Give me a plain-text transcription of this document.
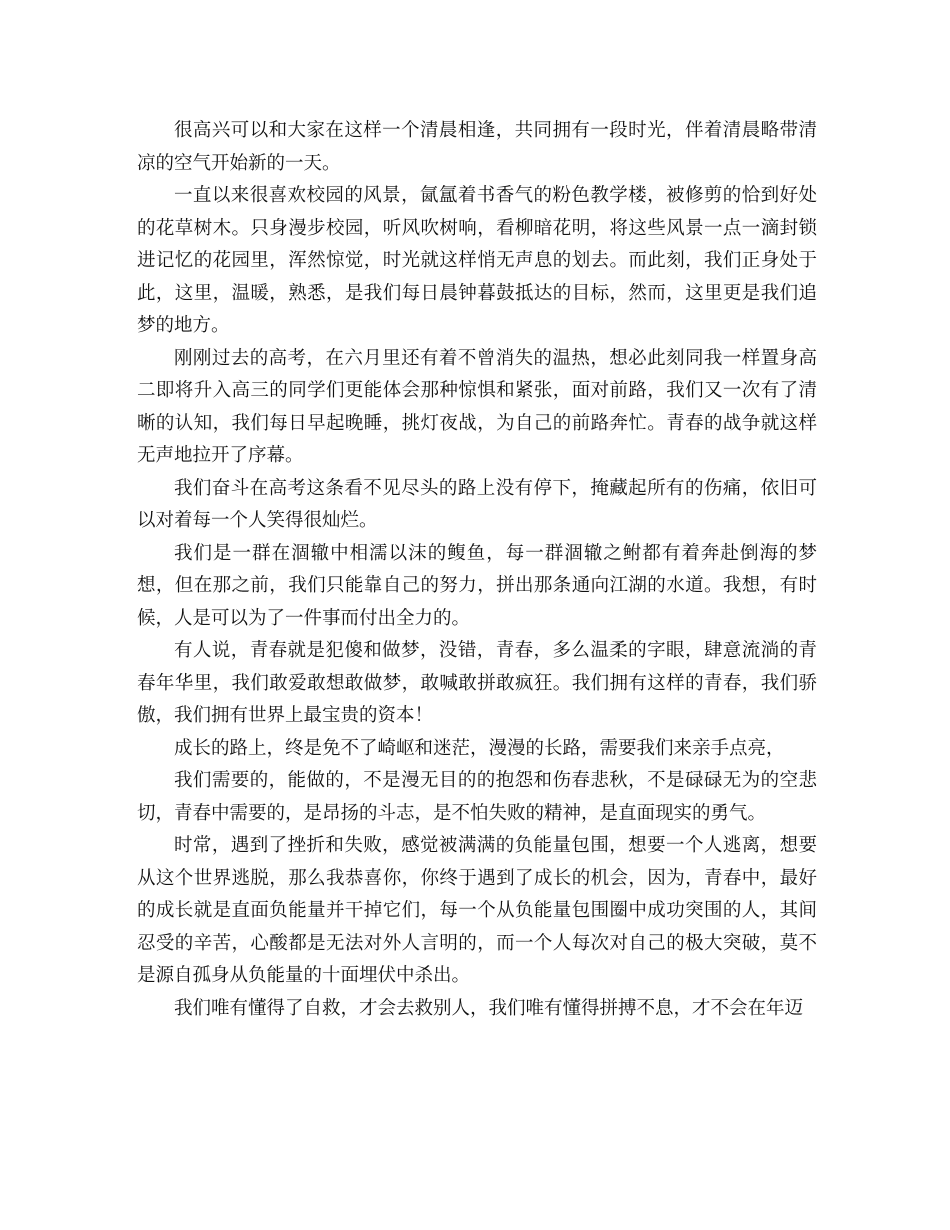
很高兴可以和大家在这样一个清晨相逢，共同拥有一段时光，伴着清晨略带清凉的空气开始新的一天。

一直以来很喜欢校园的风景，氤氲着书香气的粉色教学楼，被修剪的恰到好处的花草树木。只身漫步校园，听风吹树响，看柳暗花明，将这些风景一点一滴封锁进记忆的花园里，浑然惊觉，时光就这样悄无声息的划去。而此刻，我们正身处于此，这里，温暖，熟悉，是我们每日晨钟暮鼓抵达的目标，然而，这里更是我们追梦的地方。

刚刚过去的高考，在六月里还有着不曾消失的温热，想必此刻同我一样置身高二即将升入高三的同学们更能体会那种惊惧和紧张，面对前路，我们又一次有了清晰的认知，我们每日早起晚睡，挑灯夜战，为自己的前路奔忙。青春的战争就这样无声地拉开了序幕。

我们奋斗在高考这条看不见尽头的路上没有停下，掩藏起所有的伤痛，依旧可以对着每一个人笑得很灿烂。

我们是一群在涸辙中相濡以沫的鳆鱼，每一群涸辙之鲋都有着奔赴倒海的梦想，但在那之前，我们只能靠自己的努力，拼出那条通向江湖的水道。我想，有时候，人是可以为了一件事而付出全力的。

有人说，青春就是犯傻和做梦，没错，青春，多么温柔的字眼，肆意流淌的青春年华里，我们敢爱敢想敢做梦，敢喊敢拼敢疯狂。我们拥有这样的青春，我们骄傲，我们拥有世界上最宝贵的资本！

成长的路上，终是免不了崎岖和迷茫，漫漫的长路，需要我们来亲手点亮，

我们需要的，能做的，不是漫无目的的抱怨和伤春悲秋，不是碌碌无为的空悲切，青春中需要的，是昂扬的斗志，是不怕失败的精神，是直面现实的勇气。

时常，遇到了挫折和失败，感觉被满满的负能量包围，想要一个人逃离，想要从这个世界逃脱，那么我恭喜你，你终于遇到了成长的机会，因为，青春中，最好的成长就是直面负能量并干掉它们，每一个从负能量包围圈中成功突围的人，其间忍受的辛苦，心酸都是无法对外人言明的，而一个人每次对自己的极大突破，莫不是源自孤身从负能量的十面埋伏中杀出。

我们唯有懂得了自救，才会去救别人，我们唯有懂得拼搏不息，才不会在年迈
